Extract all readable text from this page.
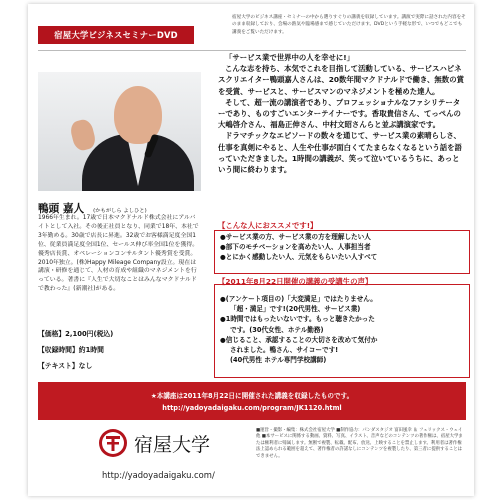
宿屋大学ビジネスセミナーDVD
宿屋大学のビジネス講座・セミナーの中から選りすぐりの講義を収録しています。講演で実際に話された内容をそのまま収録しており、会場の熱気や臨場感まで感じていただけます。DVDという手軽な形で、いつでもどこでも講義をご覧いただけます。
鴨頭 嘉人 (かもがしら よしひと)
1966年生まれ。17歳で日本マクドナルド株式会社にアルバイトとして入社。その後正社員となり、同業で18年、本社で3年勤める。30歳で店長に昇進。32歳でお客様満足度全国1位、従業員満足度全国1位、セールス伸び率全国1位を獲得。優秀店長賞、オペレーションコンサルタント優秀賞を受賞。2010年独立。(株)Happy Mileage Company設立。現在は講演・研修を通じて、人材の育成や組織のマネジメントを行っている。著書に『人生で大切なことはみんなマクドナルドで教わった』(新潮社)がある。
【価格】2,100円(税込)
【収録時間】約1時間
【テキスト】なし

「サービス業で世界中の人を幸せに!」

こんな志を持ち、本気でこれを目指して活動している、サービスハピネスクリエイター鴨頭嘉人さんは、20数年間マクドナルドで働き、無数の賞を受賞、サービスと、サービスマンのマネジメントを極めた達人。

そして、超一流の講演者であり、プロフェッショナルなファシリテーターであり、ものすごいエンターテイナーです。香取貴信さん、てっぺんの大嶋啓介さん、福島正伸さん、中村文昭さんらと並ぶ講演家です。

ドラマチックなエピソードの数々を通じて、サービス業の素晴らしさ、仕事を真剣にやると、人生や仕事が面白くてたまらなくなるという話を語っていただきました。1時間の講義が、笑って泣いているうちに、あっという間に終わります。

【こんな人におススメです!】
●サービス業の方、サービス業の方を理解したい人
●部下のモチベーションを高めたい人、人事担当者
●とにかく感動したい人、元気をもらいたい人すべて
【2011年8月22日開催の講義の受講生の声】
●(アンケート項目の)「大変満足」ではたりません。
「超・満足」です!(20代男性、サービス業)
●1時間ではもったいないです。もっと聴きたかった
です。(30代女性、ホテル勤務)
●信じること、承認することの大切さを改めて気付か
されました。鴨さん、サイコーです!
(40代男性 ホテル専門学校講師)
★本講座は2011年8月22日に開催された講義を収録したものです。
http://yadoyadaigaku.com/program/JK1120.html
宿屋大学
http://yadoyadaigaku.com/
■運営・撮影・編集：株式会社宿屋大学 ■制作協力：パンダスタジオ 富田風幸 ＆ フェリックス・ウェイ 他 ■本サービスに関係する動画、資料、写真、イラスト、音声などのコンテンツの著作権は、宿屋大学または権利者に帰属します。無断で複製、転載、配布、放送、上映することを禁止します。利用者は著作権法上認められる範囲を超えて、著作権者の許諾なしにコンテンツを複製したり、第三者に提供することはできません。
